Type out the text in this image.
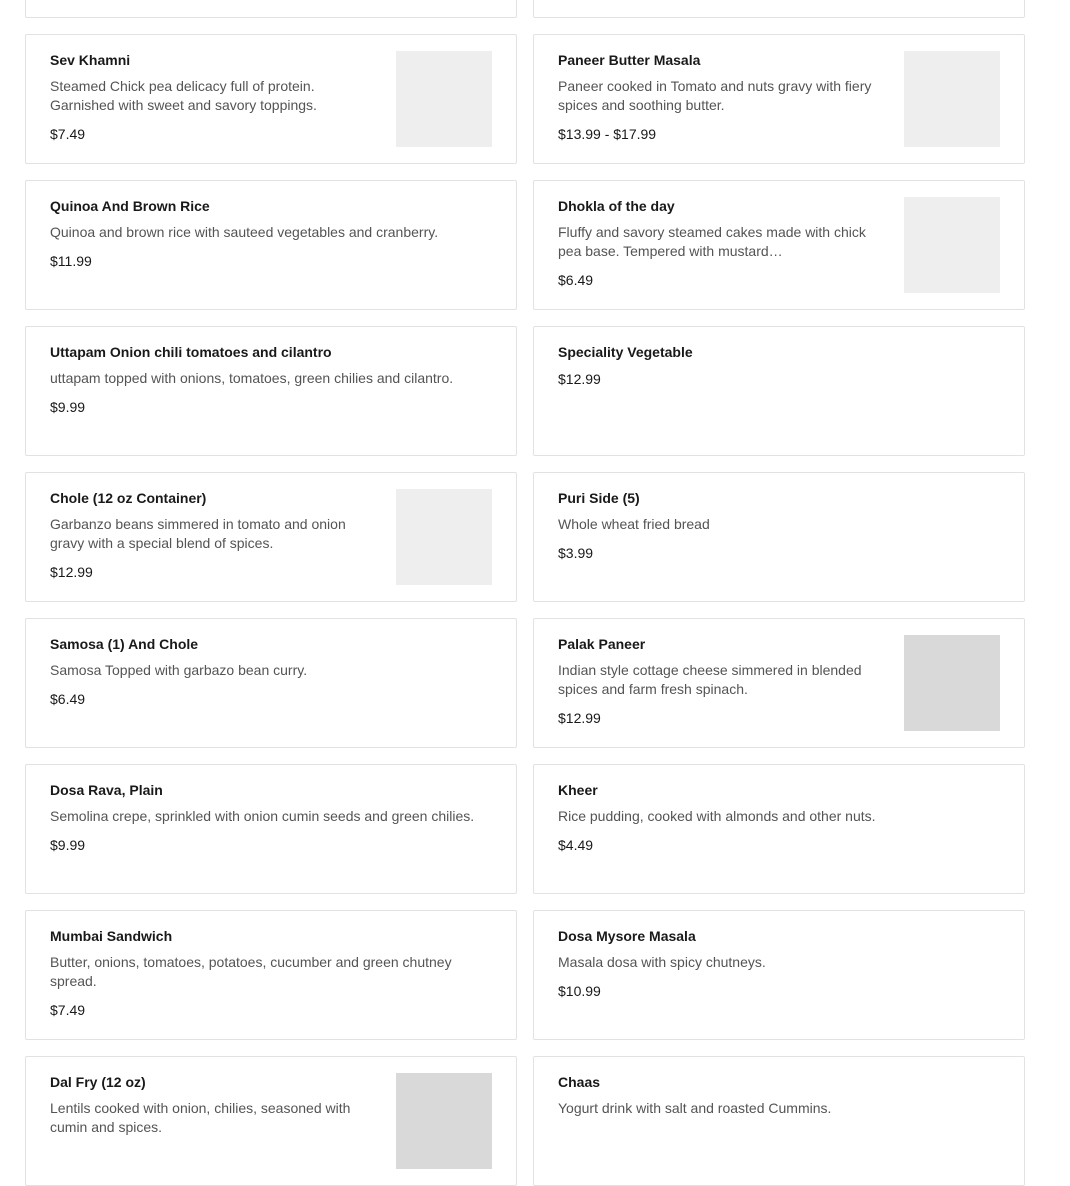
Sev Khamni
Steamed Chick pea delicacy full of protein. Garnished with sweet and savory toppings.
$7.49
Paneer Butter Masala
Paneer cooked in Tomato and nuts gravy with fiery spices and soothing butter.
$13.99 - $17.99
Quinoa And Brown Rice
Quinoa and brown rice with sauteed vegetables and cranberry.
$11.99
Dhokla of the day
Fluffy and savory steamed cakes made with chick pea base. Tempered with mustard…
$6.49
Uttapam Onion chili tomatoes and cilantro
uttapam topped with onions, tomatoes, green chilies and cilantro.
$9.99
Speciality Vegetable
$12.99
Chole (12 oz Container)
Garbanzo beans simmered in tomato and onion gravy with a special blend of spices.
$12.99
Puri Side (5)
Whole wheat fried bread
$3.99
Samosa (1) And Chole
Samosa Topped with garbazo bean curry.
$6.49
Palak Paneer
Indian style cottage cheese simmered in blended spices and farm fresh spinach.
$12.99
Dosa Rava, Plain
Semolina crepe, sprinkled with onion cumin seeds and green chilies.
$9.99
Kheer
Rice pudding, cooked with almonds and other nuts.
$4.49
Mumbai Sandwich
Butter, onions, tomatoes, potatoes, cucumber and green chutney spread.
$7.49
Dosa Mysore Masala
Masala dosa with spicy chutneys.
$10.99
Dal Fry (12 oz)
Lentils cooked with onion, chilies, seasoned with cumin and spices.
Chaas
Yogurt drink with salt and roasted Cummins.
